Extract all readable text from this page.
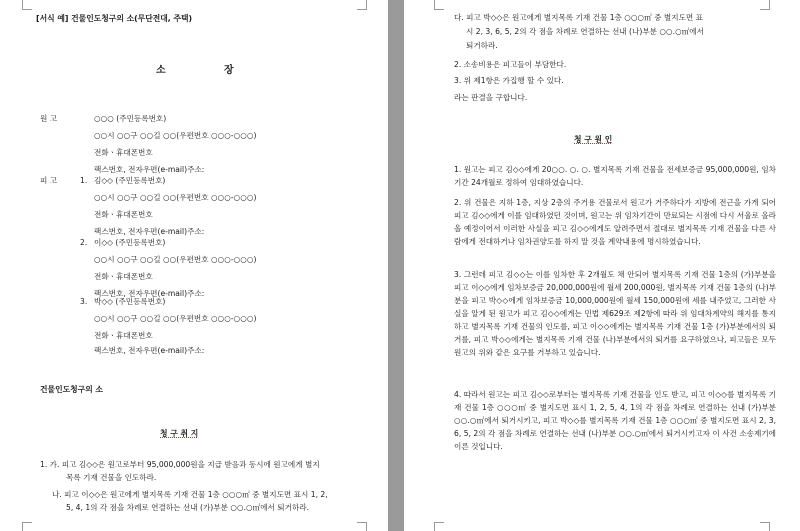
[서식 예] 건물인도청구의 소(무단전대, 주택)
소	장
원 고	○○○ (주민등록번호)
○○시 ○○구 ○○길 ○○(우편번호 ○○○-○○○)
전화ㆍ휴대폰번호
팩스번호, 전자우편(e-mail)주소:
피 고	1. 김◇◇ (주민등록번호)
○○시 ○○구 ○○길 ○○(우편번호 ○○○-○○○)
전화ㆍ휴대폰번호
팩스번호, 전자우편(e-mail)주소:
2. 이◇◇ (주민등록번호)
○○시 ○○구 ○○길 ○○(우편번호 ○○○-○○○)
전화ㆍ휴대폰번호
팩스번호, 전자우편(e-mail)주소:
3. 박◇◇ (주민등록번호)
○○시 ○○구 ○○길 ○○(우편번호 ○○○-○○○)
전화ㆍ휴대폰번호
팩스번호, 전자우편(e-mail)주소:
건물인도청구의 소
청 구 취 지
1. 가. 피고 김◇◇은 원고로부터 95,000,000원을 지급 받음과 동시에 원고에게 별지
목록 기재 건물을 인도하라.
나. 피고 이◇◇은 원고에게 별지목록 기재 건물 1층 ○○○㎡ 중 별지도면 표시 1, 2,
5, 4, 1의 각 점을 차례로 연결하는 선내 (가)부분 ○○.○㎡에서 퇴거하라.
다. 피고 박◇◇은 원고에게 별지목록 기재 건물 1층 ○○○㎡ 중 별지도면 표
시 2, 3, 6, 5, 2의 각 점을 차례로 연결하는 선내 (나)부분 ○○.○㎡에서
퇴거하라.
2. 소송비용은 피고들이 부담한다.
3. 위 제1항은 가집행 할 수 있다.
라는 판결을 구합니다.
청 구 원 인
1. 원고는 피고 김◇◇에게 20○○. ○. ○. 별지목록 기재 건물을 전세보증금 95,000,000원, 임차기간 24개월로 정하여 임대하였습니다.
2. 위 건물은 지하 1층, 지상 2층의 주거용 건물로서 원고가 거주하다가 지방에 전근을 가게 되어 피고 김◇◇에게 이를 임대하였던 것이며, 원고는 위 임차기간이 만료되는 시점에 다시 서울로 올라올 예정이어서 이러한 사실을 피고 김◇◇에게도 알려주면서 절대로 별지목록 기재 건물을 다른 사람에게 전대하거나 임차권양도를 하지 말 것을 계약내용에 명시하였습니다.
3. 그런데 피고 김◇◇는 이를 임차한 후 2개월도 채 안되어 별지목록 기재 건물 1층의 (가)부분을 피고 이◇◇에게 임차보증금 20,000,000원에 월세 200,000원, 별지목록 기재 건물 1층의 (나)부분을 피고 박◇◇에게 임차보증금 10,000,000원에 월세 150,000원에 세를 내주었고, 그러한 사실을 알게 된 원고가 피고 김◇◇에게는 민법 제629조 제2항에 따라 위 임대차계약의 해지를 통지하고 별지목록 기재 건물의 인도를, 피고 이◇◇에게는 별지목록 기재 건물 1층 (가)부분에서의 퇴거를, 피고 박◇◇에게는 별지목록 기재 건물 (나)부분에서의 퇴거를 요구하였으나, 피고들은 모두 원고의 위와 같은 요구를 거부하고 있습니다.
4. 따라서 원고는 피고 김◇◇로부터는 별지목록 기재 건물을 인도 받고, 피고 이◇◇를 별지목록 기재 건물 1층 ○○○㎡ 중 별지도면 표시 1, 2, 5, 4, 1의 각 점을 차례로 연결하는 선내 (가)부분 ○○.○㎡에서 퇴거시키고, 피고 박◇◇를 별지목록 기재 건물 1층 ○○○㎡ 중 별지도면 표시 2, 3, 6, 5, 2의 각 점을 차례로 연결하는 선내 (나)부분 ○○.○㎡에서 퇴거시키고자 이 사건 소송제기에 이른 것입니다.
